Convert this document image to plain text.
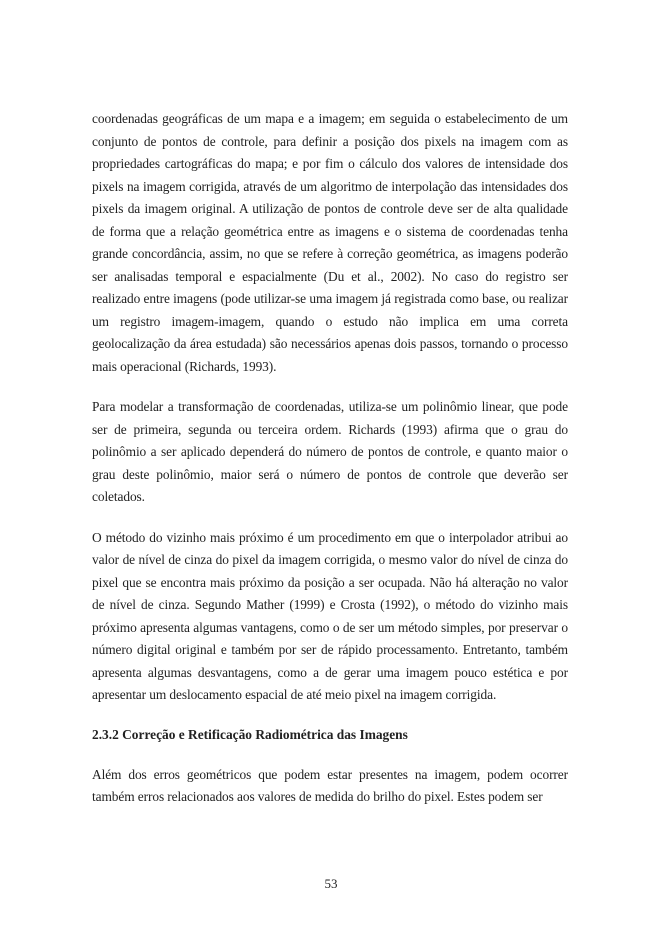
coordenadas geográficas de um mapa e a imagem; em seguida o estabelecimento de um conjunto de pontos de controle, para definir a posição dos pixels na imagem com as propriedades cartográficas do mapa; e por fim o cálculo dos valores de intensidade dos pixels na imagem corrigida, através de um algoritmo de interpolação das intensidades dos pixels da imagem original. A utilização de pontos de controle deve ser de alta qualidade de forma que a relação geométrica entre as imagens e o sistema de coordenadas tenha grande concordância, assim, no que se refere à correção geométrica, as imagens poderão ser analisadas temporal e espacialmente (Du et al., 2002). No caso do registro ser realizado entre imagens (pode utilizar-se uma imagem já registrada como base, ou realizar um registro imagem-imagem, quando o estudo não implica em uma correta geolocalização da área estudada) são necessários apenas dois passos, tornando o processo mais operacional (Richards, 1993).

Para modelar a transformação de coordenadas, utiliza-se um polinômio linear, que pode ser de primeira, segunda ou terceira ordem. Richards (1993) afirma que o grau do polinômio a ser aplicado dependerá do número de pontos de controle, e quanto maior o grau deste polinômio, maior será o número de pontos de controle que deverão ser coletados.

O método do vizinho mais próximo é um procedimento em que o interpolador atribui ao valor de nível de cinza do pixel da imagem corrigida, o mesmo valor do nível de cinza do pixel que se encontra mais próximo da posição a ser ocupada. Não há alteração no valor de nível de cinza. Segundo Mather (1999) e Crosta (1992), o método do vizinho mais próximo apresenta algumas vantagens, como o de ser um método simples, por preservar o número digital original e também por ser de rápido processamento. Entretanto, também apresenta algumas desvantagens, como a de gerar uma imagem pouco estética e por apresentar um deslocamento espacial de até meio pixel na imagem corrigida.

2.3.2 Correção e Retificação Radiométrica das Imagens

Além dos erros geométricos que podem estar presentes na imagem, podem ocorrer também erros relacionados aos valores de medida do brilho do pixel. Estes podem ser

53
